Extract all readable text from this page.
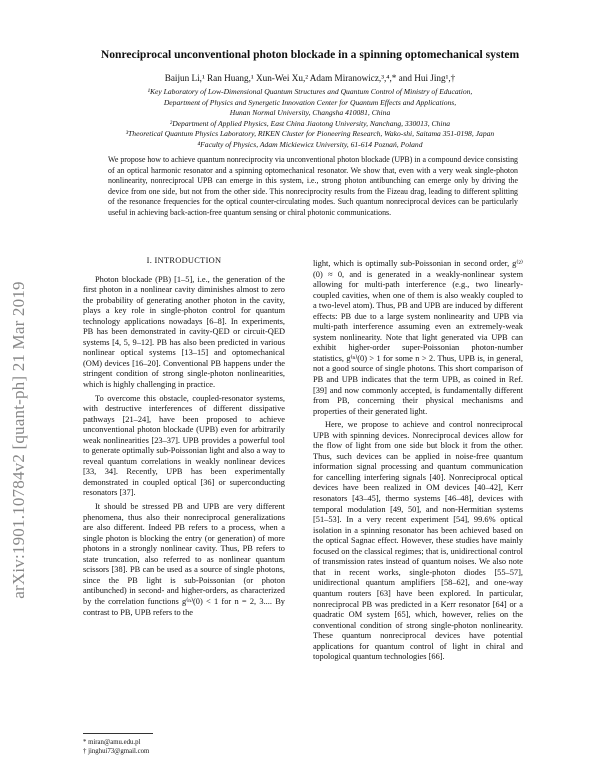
arXiv:1901.10784v2 [quant-ph] 21 Mar 2019
Nonreciprocal unconventional photon blockade in a spinning optomechanical system
Baijun Li,¹ Ran Huang,¹ Xun-Wei Xu,² Adam Miranowicz,³,⁴,* and Hui Jing¹,†
¹Key Laboratory of Low-Dimensional Quantum Structures and Quantum Control of Ministry of Education,
Department of Physics and Synergetic Innovation Center for Quantum Effects and Applications,
Hunan Normal University, Changsha 410081, China
²Department of Applied Physics, East China Jiaotong University, Nanchang, 330013, China
³Theoretical Quantum Physics Laboratory, RIKEN Cluster for Pioneering Research, Wako-shi, Saitama 351-0198, Japan
⁴Faculty of Physics, Adam Mickiewicz University, 61-614 Poznań, Poland
We propose how to achieve quantum nonreciprocity via unconventional photon blockade (UPB) in a compound device consisting of an optical harmonic resonator and a spinning optomechanical resonator. We show that, even with a very weak single-photon nonlinearity, nonreciprocal UPB can emerge in this system, i.e., strong photon antibunching can emerge only by driving the device from one side, but not from the other side. This nonreciprocity results from the Fizeau drag, leading to different splitting of the resonance frequencies for the optical counter-circulating modes. Such quantum nonreciprocal devices can be particularly useful in achieving back-action-free quantum sensing or chiral photonic communications.
I. INTRODUCTION

Photon blockade (PB) [1–5], i.e., the generation of the first photon in a nonlinear cavity diminishes almost to zero the probability of generating another photon in the cavity, plays a key role in single-photon control for quantum technology applications nowadays [6–8]. In experiments, PB has been demonstrated in cavity-QED or circuit-QED systems [4, 5, 9–12]. PB has also been predicted in various nonlinear optical systems [13–15] and optomechanical (OM) devices [16–20]. Conventional PB happens under the stringent condition of strong single-photon nonlinearities, which is highly challenging in practice.

To overcome this obstacle, coupled-resonator systems, with destructive interferences of different dissipative pathways [21–24], have been proposed to achieve unconventional photon blockade (UPB) even for arbitrarily weak nonlinearities [23–37]. UPB provides a powerful tool to generate optimally sub-Poissonian light and also a way to reveal quantum correlations in weakly nonlinear devices [33, 34]. Recently, UPB has been experimentally demonstrated in coupled optical [36] or superconducting resonators [37].

It should be stressed PB and UPB are very different phenomena, thus also their nonreciprocal generalizations are also different. Indeed PB refers to a process, when a single photon is blocking the entry (or generation) of more photons in a strongly nonlinear cavity. Thus, PB refers to state truncation, also referred to as nonlinear quantum scissors [38]. PB can be used as a source of single photons, since the PB light is sub-Poissonian (or photon antibunched) in second- and higher-orders, as characterized by the correlation functions g⁽ⁿ⁾(0) < 1 for n = 2, 3.... By contrast to PB, UPB refers to the

light, which is optimally sub-Poissonian in second order, g⁽²⁾(0) ≈ 0, and is generated in a weakly-nonlinear system allowing for multi-path interference (e.g., two linearly-coupled cavities, when one of them is also weakly coupled to a two-level atom). Thus, PB and UPB are induced by different effects: PB due to a large system nonlinearity and UPB via multi-path interference assuming even an extremely-weak system nonlinearity. Note that light generated via UPB can exhibit higher-order super-Poissonian photon-number statistics, g⁽ⁿ⁾(0) > 1 for some n > 2. Thus, UPB is, in general, not a good source of single photons. This short comparison of PB and UPB indicates that the term UPB, as coined in Ref. [39] and now commonly accepted, is fundamentally different from PB, concerning their physical mechanisms and properties of their generated light.

Here, we propose to achieve and control nonreciprocal UPB with spinning devices. Nonreciprocal devices allow for the flow of light from one side but block it from the other. Thus, such devices can be applied in noise-free quantum information signal processing and quantum communication for cancelling interfering signals [40]. Nonreciprocal optical devices have been realized in OM devices [40–42], Kerr resonators [43–45], thermo systems [46–48], devices with temporal modulation [49, 50], and non-Hermitian systems [51–53]. In a very recent experiment [54], 99.6% optical isolation in a spinning resonator has been achieved based on the optical Sagnac effect. However, these studies have mainly focused on the classical regimes; that is, unidirectional control of transmission rates instead of quantum noises. We also note that in recent works, single-photon diodes [55–57], unidirectional quantum amplifiers [58–62], and one-way quantum routers [63] have been explored. In particular, nonreciprocal PB was predicted in a Kerr resonator [64] or a quadratic OM system [65], which, however, relies on the conventional condition of strong single-photon nonlinearity. These quantum nonreciprocal devices have potential applications for quantum control of light in chiral and topological quantum technologies [66].

* miran@amu.edu.pl
† jinghui73@gmail.com
